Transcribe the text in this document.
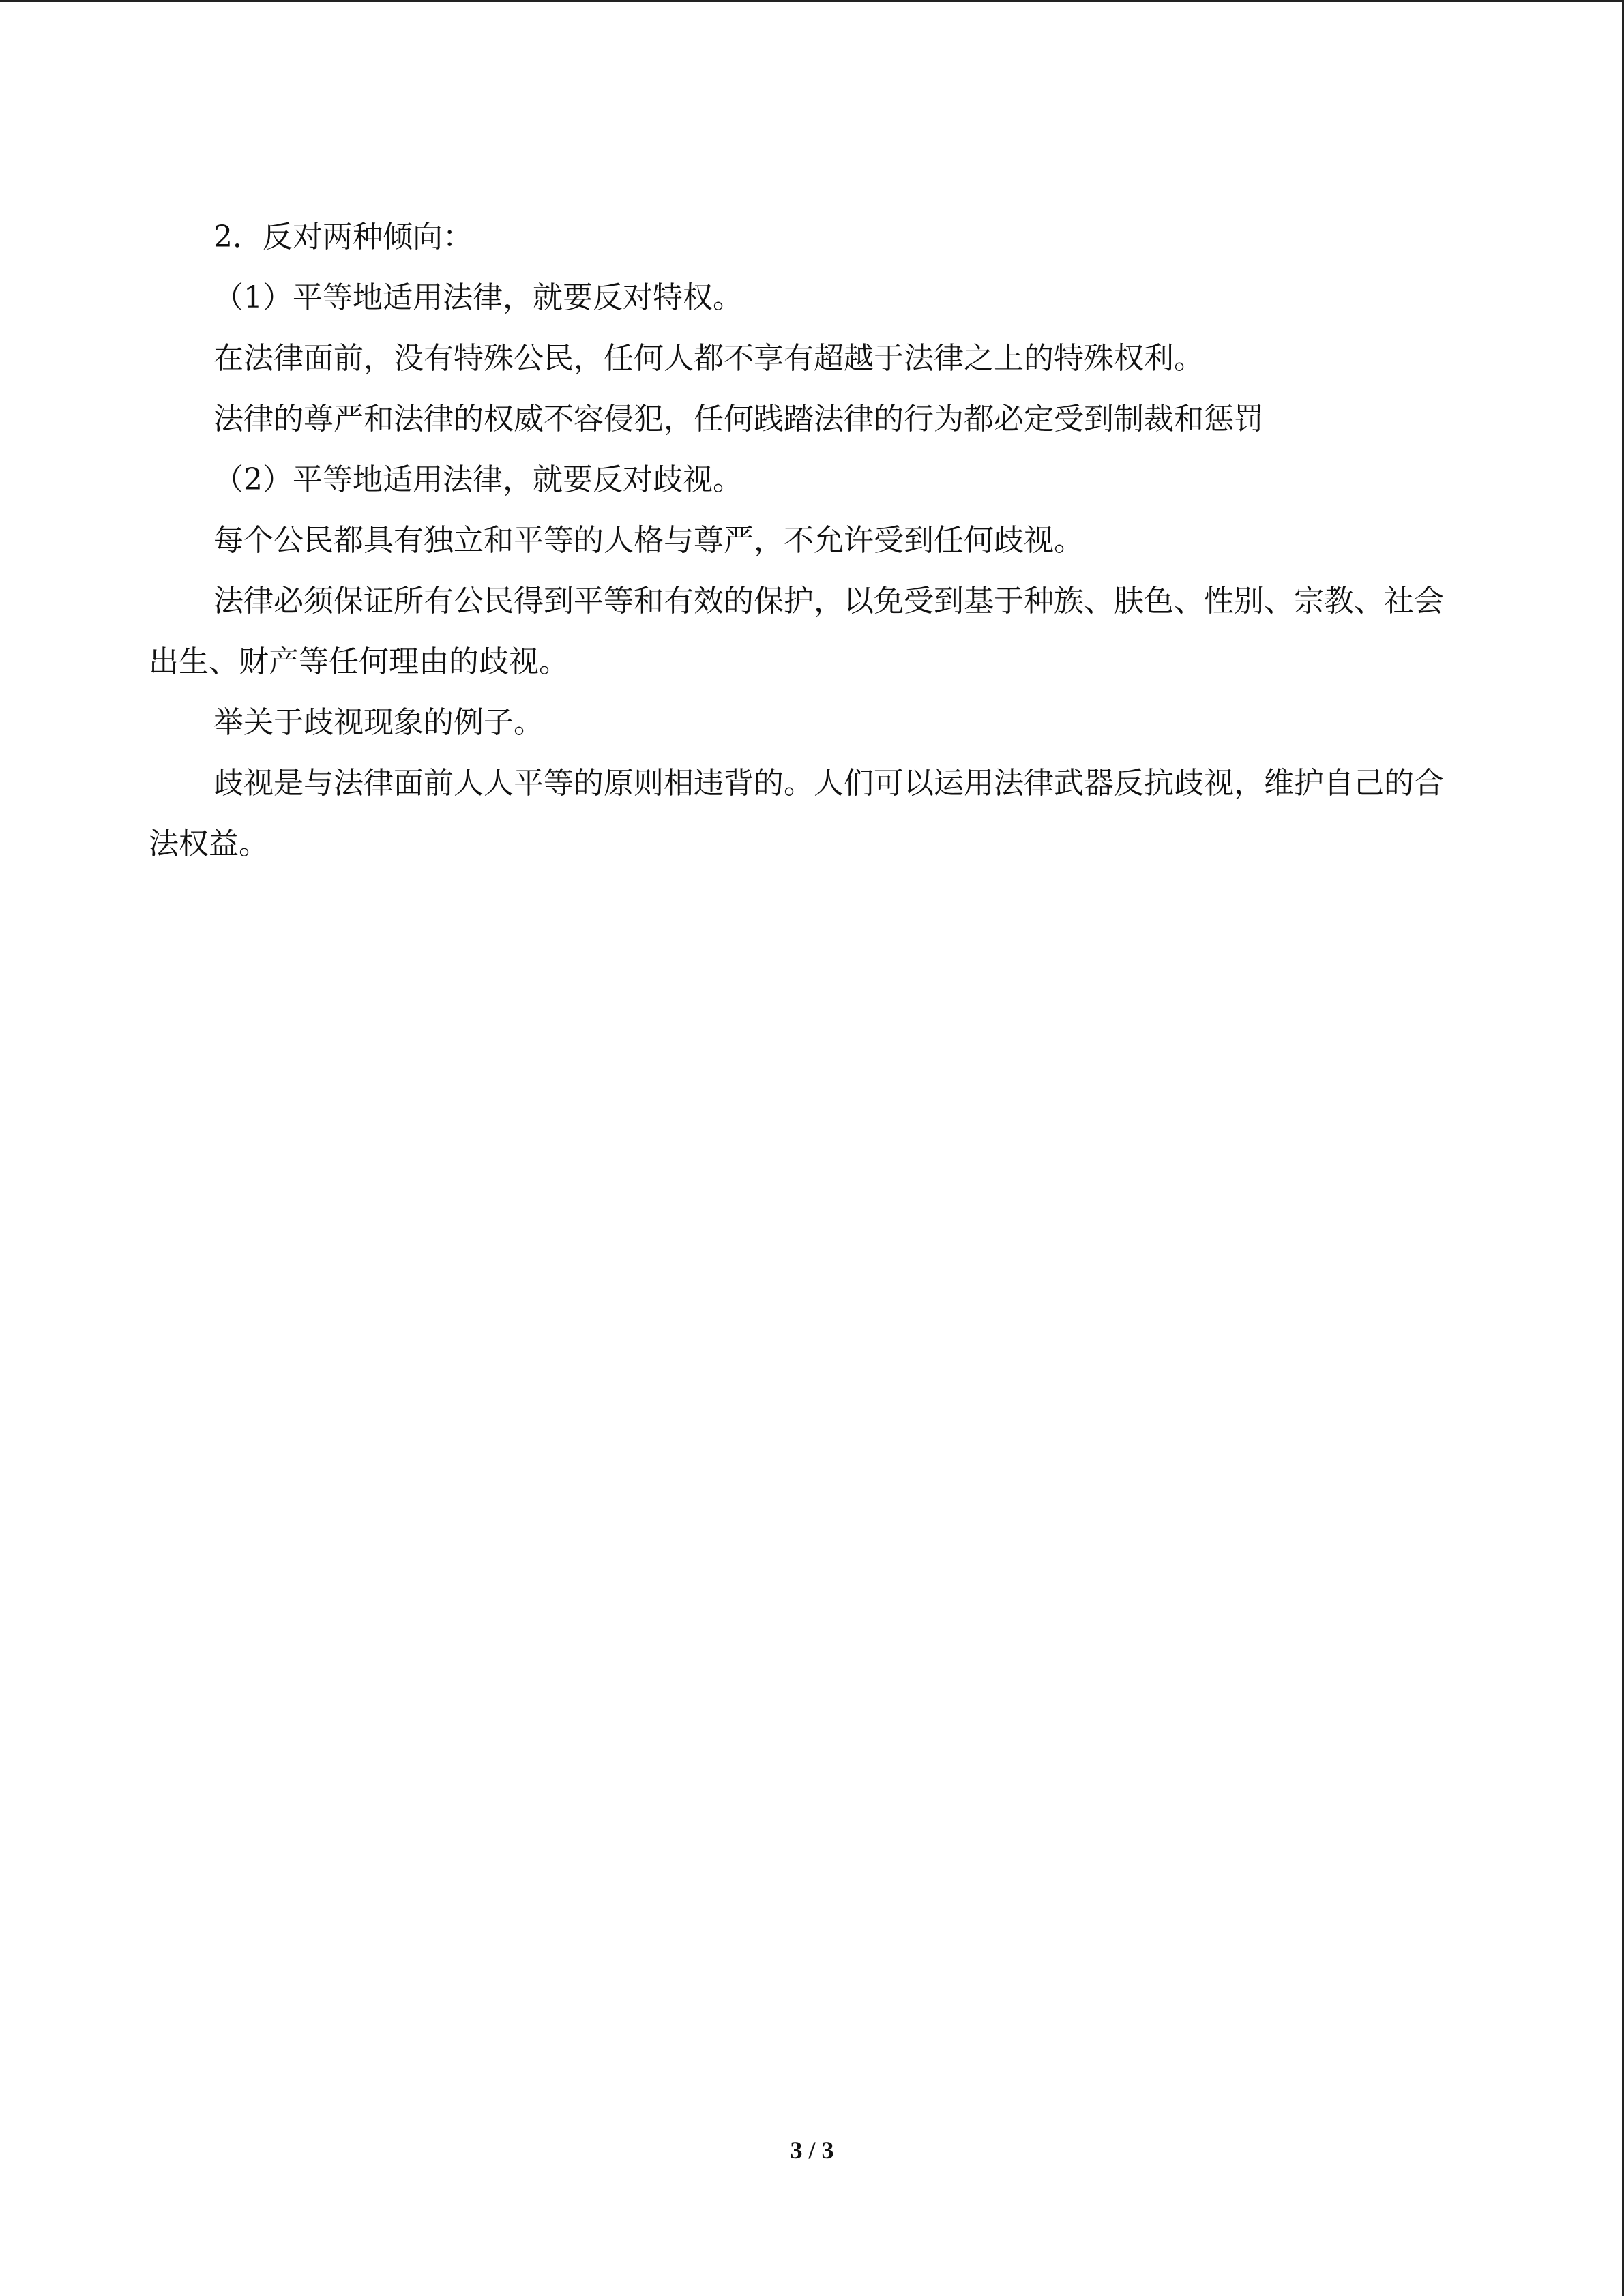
2．反对两种倾向：

（1）平等地适用法律，就要反对特权。

在法律面前，没有特殊公民，任何人都不享有超越于法律之上的特殊权利。

法律的尊严和法律的权威不容侵犯，任何践踏法律的行为都必定受到制裁和惩罚

（2）平等地适用法律，就要反对歧视。

每个公民都具有独立和平等的人格与尊严，不允许受到任何歧视。

法律必须保证所有公民得到平等和有效的保护，以免受到基于种族、肤色、性别、宗教、社会出生、财产等任何理由的歧视。

举关于歧视现象的例子。

歧视是与法律面前人人平等的原则相违背的。人们可以运用法律武器反抗歧视，维护自己的合法权益。

3 / 3
